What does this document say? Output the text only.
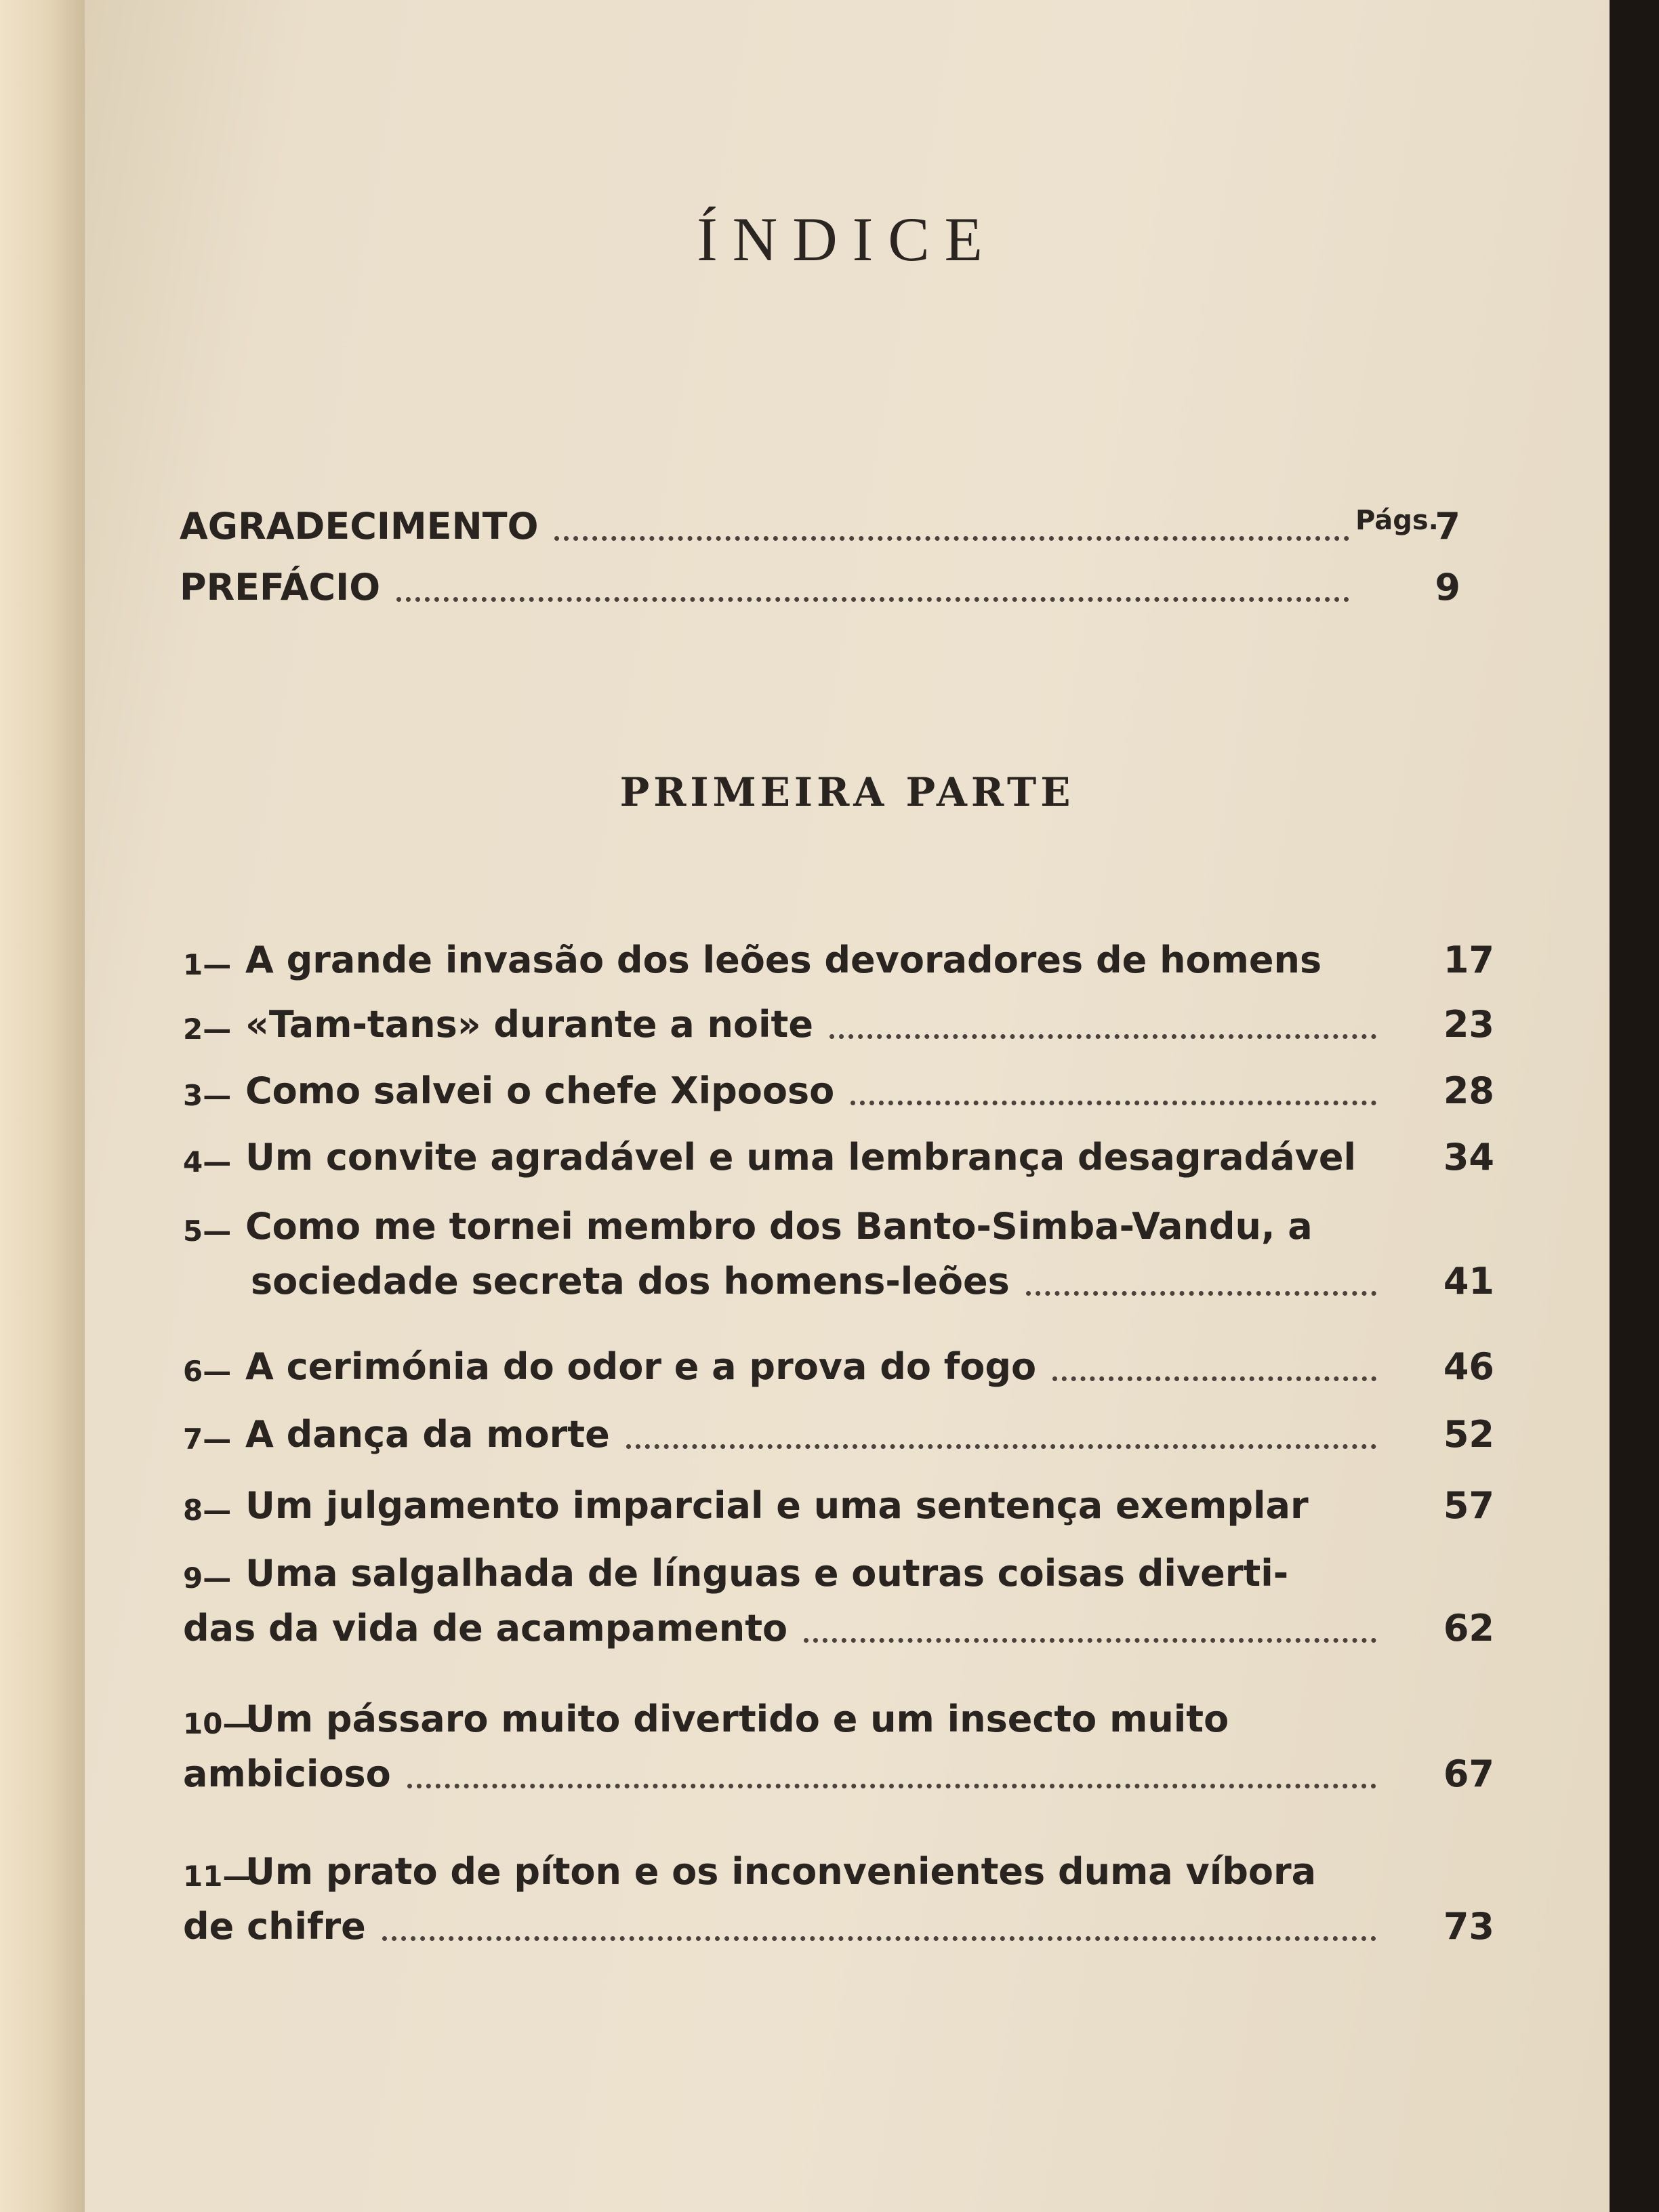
ÍNDICE
Págs.
AGRADECIMENTO	7
PREFÁCIO	9
PRIMEIRA PARTE
1— A grande invasão dos leões devoradores de homens	17
2— «Tam-tans» durante a noite	23
3— Como salvei o chefe Xipooso	28
4— Um convite agradável e uma lembrança desagradável	34
5— Como me tornei membro dos Banto-Simba-Vandu, a
sociedade secreta dos homens-leões	41
6— A cerimónia do odor e a prova do fogo	46
7— A dança da morte	52
8— Um julgamento imparcial e uma sentença exemplar	57
9— Uma salgalhada de línguas e outras coisas diverti-
das da vida de acampamento	62
10—
Um pássaro muito divertido e um insecto muito
ambicioso	67
11—
Um prato de píton e os inconvenientes duma víbora
de chifre	73
